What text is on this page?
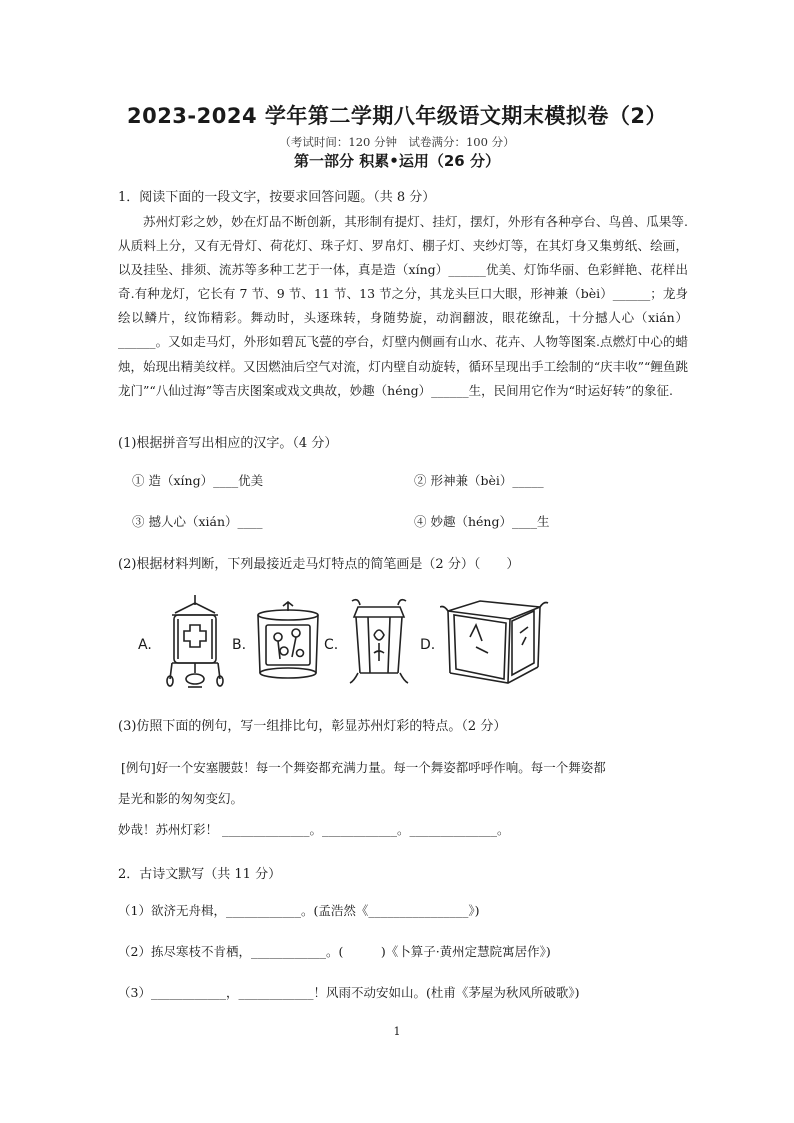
2023-2024 学年第二学期八年级语文期末模拟卷（2）
（考试时间：120 分钟　试卷满分：100 分）
第一部分 积累•运用（26 分）
1．阅读下面的一段文字，按要求回答问题。（共 8 分）

苏州灯彩之妙，妙在灯品不断创新，其形制有提灯、挂灯，摆灯，外形有各种亭台、鸟兽、瓜果等.从质料上分，又有无骨灯、荷花灯、珠子灯、罗帛灯、棚子灯、夹纱灯等，在其灯身又集剪纸、绘画，以及挂坠、排须、流苏等多种工艺于一体，真是造（xíng）______优美、灯饰华丽、色彩鲜艳、花样出奇.有种龙灯，它长有 7 节、9 节、11 节、13 节之分，其龙头巨口大眼，形神兼（bèi）______；龙身绘以鳞片，纹饰精彩。舞动时，头逐珠转，身随势旋，动润翻波，眼花缭乱，十分撼人心（xián）______。又如走马灯，外形如碧瓦飞甍的亭台，灯壁内侧画有山水、花卉、人物等图案.点燃灯中心的蜡烛，始现出精美纹样。又因燃油后空气对流，灯内壁自动旋转，循环呈现出手工绘制的“庆丰收”“鲤鱼跳龙门”“八仙过海”等吉庆图案或戏文典故，妙趣（héng）______生，民间用它作为“时运好转”的象征.

(1)根据拼音写出相应的汉字。（4 分）
① 造（xíng）____优美	② 形神兼（bèi）_____
③ 撼人心（xián）____	④ 妙趣（héng）____生
(2)根据材料判断，下列最接近走马灯特点的简笔画是（2 分）（　　）
A.	B.	C.	D.
(3)仿照下面的例句，写一组排比句，彰显苏州灯彩的特点。（2 分）
[例句]好一个安塞腰鼓！每一个舞姿都充满力量。每一个舞姿都呼呼作响。每一个舞姿都
是光和影的匆匆变幻。
妙哉！苏州灯彩！ ______________。____________。______________。
2．古诗文默写（共 11 分）
（1）欲济无舟楫，____________。(孟浩然《________________》)
（2）拣尽寒枝不肯栖，____________。(　　　)《卜算子·黄州定慧院寓居作》)
（3）____________，____________！风雨不动安如山。(杜甫《茅屋为秋风所破歌》)
1
